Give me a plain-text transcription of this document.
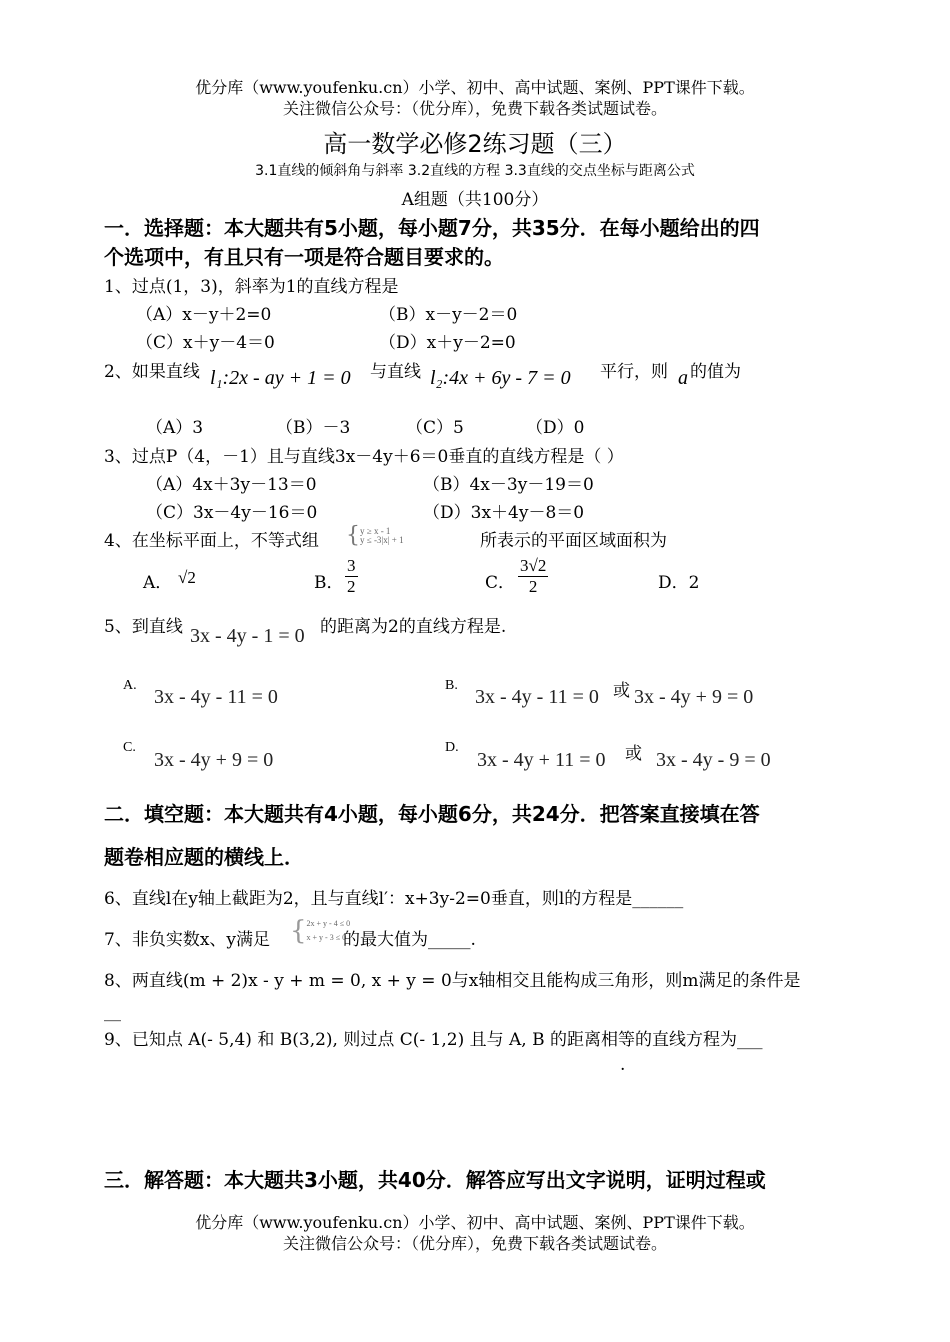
优分库（www.youfenku.cn）小学、初中、高中试题、案例、PPT课件下载。
关注微信公众号：（优分库），免费下载各类试题试卷。
高一数学必修2练习题（三）
3.1直线的倾斜角与斜率 3.2直线的方程 3.3直线的交点坐标与距离公式
A组题（共100分）
一．选择题：本大题共有5小题，每小题7分，共35分．在每小题给出的四
个选项中，有且只有一项是符合题目要求的。
1、过点(1，3)，斜率为1的直线方程是
（A）x－y＋2=0	（B）x－y－2＝0
（C）x＋y－4＝0	（D）x＋y－2=0
2、如果直线 l₁:2x - ay + 1 = 0 与直线 l₂:4x + 6y - 7 = 0 平行，则 a 的值为
（A）3	（B）－3	（C）5	（D）0
3、过点P（4，－1）且与直线3x－4y＋6＝0垂直的直线方程是（ ）
（A）4x＋3y－13＝0	（B）4x－3y－19＝0
（C）3x－4y－16＝0	（D）3x＋4y－8＝0
4、在坐标平面上，不等式组 {y ≥ x - 1
y ≤ -3|x| + 1	所表示的平面区域面积为
A． √2	B． $\frac{3}{2}$	C． $\frac{3√2}{2}$	D．2
5、到直线 3x - 4y - 1 = 0 的距离为2的直线方程是.
A.
3x - 4y - 11 = 0
B.
3x - 4y - 11 = 0 或 3x - 4y + 9 = 0
C.
3x - 4y + 9 = 0
D.
3x - 4y + 11 = 0 或 3x - 4y - 9 = 0
二．填空题：本大题共有4小题，每小题6分，共24分．把答案直接填在答
题卷相应题的横线上．
6、直线l在y轴上截距为2，且与直线l′：x+3y-2=0垂直，则l的方程是______
7、非负实数x、y满足 {2x + y - 4 ≤ 0
x + y - 3 ≤ 0
的最大值为_____.
8、两直线(m + 2)x - y + m = 0, x + y = 0与x轴相交且能构成三角形，则m满足的条件是
__
9、已知点 A(- 5,4) 和 B(3,2), 则过点 C(- 1,2) 且与 A, B 的距离相等的直线方程为___
.
三．解答题：本大题共3小题，共40分．解答应写出文字说明，证明过程或
优分库（www.youfenku.cn）小学、初中、高中试题、案例、PPT课件下载。
关注微信公众号：（优分库），免费下载各类试题试卷。
